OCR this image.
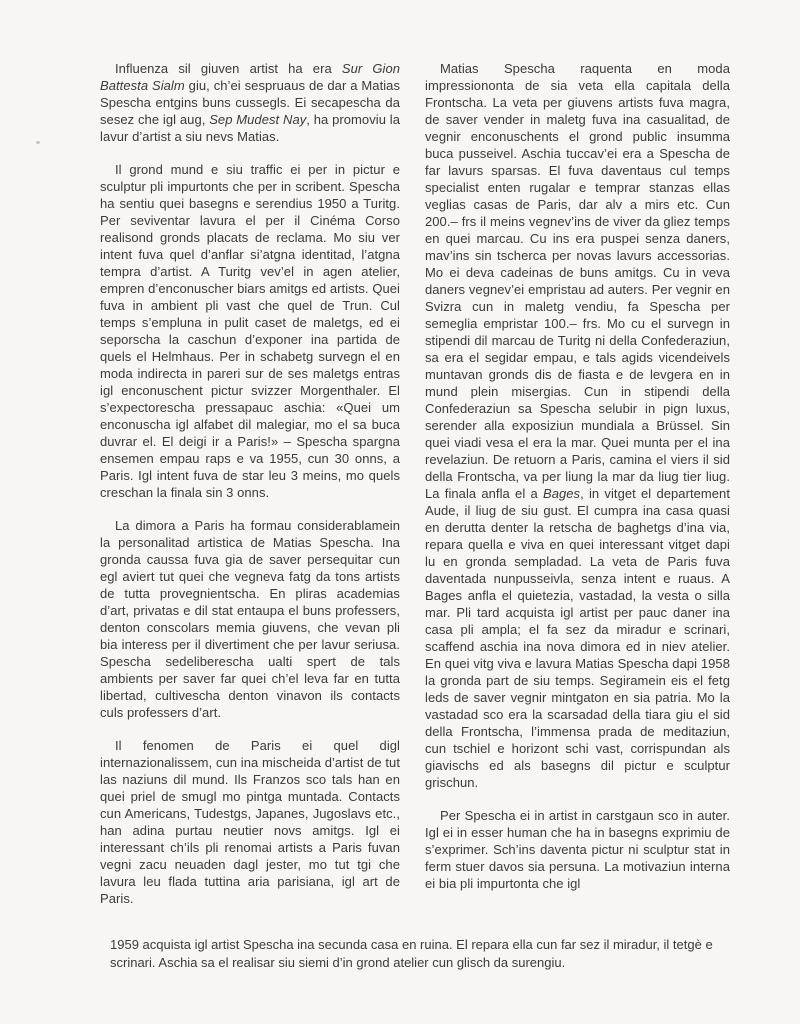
Influenza sil giuven artist ha era Sur Gion Battesta Sialm giu, ch’ei sespruaus de dar a Matias Spescha entgins buns cussegls. Ei secapescha da sesez che igl aug, Sep Mudest Nay, ha promoviu la lavur d’artist a siu nevs Matias.

Il grond mund e siu traffic ei per in pictur e sculptur pli impurtonts che per in scribent. Spescha ha sentiu quei basegns e serendius 1950 a Turitg. Per seviventar lavura el per il Cinéma Corso realisond gronds placats de reclama. Mo siu ver intent fuva quel d’anflar si’atgna identitad, l’atgna tempra d’artist. A Turitg vev’el in agen atelier, empren d’enconuscher biars amitgs ed artists. Quei fuva in ambient pli vast che quel de Trun. Cul temps s’empluna in pulit caset de maletgs, ed ei seporscha la caschun d’exponer ina partida de quels el Helmhaus. Per in schabetg survegn el en moda indirecta in pareri sur de ses maletgs entras igl enconuschent pictur svizzer Morgenthaler. El s’expectorescha pressapauc aschia: «Quei um enconuscha igl alfabet dil malegiar, mo el sa buca duvrar el. El deigi ir a Paris!» – Spescha spargna ensemen empau raps e va 1955, cun 30 onns, a Paris. Igl intent fuva de star leu 3 meins, mo quels creschan la finala sin 3 onns.

La dimora a Paris ha formau considerablamein la personalitad artistica de Matias Spescha. Ina gronda caussa fuva gia de saver persequitar cun egl aviert tut quei che vegneva fatg da tons artists de tutta provegnientscha. En pliras academias d’art, privatas e dil stat entaupa el buns professers, denton conscolars memia giuvens, che vevan pli bia interess per il divertiment che per lavur seriusa. Spescha sedeliberescha ualti spert de tals ambients per saver far quei ch’el leva far en tutta libertad, cultivescha denton vinavon ils contacts culs professers d’art.

Il fenomen de Paris ei quel digl internazionalissem, cun ina mischeida d’artist de tut las naziuns dil mund. Ils Franzos sco tals han en quei priel de smugl mo pintga muntada. Contacts cun Americans, Tudestgs, Japanes, Jugoslavs etc., han adina purtau neutier novs amitgs. Igl ei interessant ch’ils pli renomai artists a Paris fuvan vegni zacu neuaden dagl jester, mo tut tgi che lavura leu flada tuttina aria parisiana, igl art de Paris.

Matias Spescha raquenta en moda impressiononta de sia veta ella capitala della Frontscha. La veta per giuvens artists fuva magra, de saver vender in maletg fuva ina casualitad, de vegnir enconuschents el grond public insumma buca pusseivel. Aschia tuccav’ei era a Spescha de far lavurs sparsas. El fuva daventaus cul temps specialist enten rugalar e temprar stanzas ellas veglias casas de Paris, dar alv a mirs etc. Cun 200.– frs il meins vegnev’ins de viver da gliez temps en quei marcau. Cu ins era puspei senza daners, mav’ins sin tscherca per novas lavurs accessorias. Mo ei deva cadeinas de buns amitgs. Cu in veva daners vegnev’ei empristau ad auters. Per vegnir en Svizra cun in maletg vendiu, fa Spescha per semeglia empristar 100.– frs. Mo cu el survegn in stipendi dil marcau de Turitg ni della Confederaziun, sa era el segidar empau, e tals agids vicendeivels muntavan gronds dis de fiasta e de levgera en in mund plein misergias. Cun in stipendi della Confederaziun sa Spescha selubir in pign luxus, serender alla exposiziun mundiala a Brüssel. Sin quei viadi vesa el era la mar. Quei munta per el ina revelaziun. De retuorn a Paris, camina el viers il sid della Frontscha, va per liung la mar da liug tier liug. La finala anfla el a Bages, in vitget el departement Aude, il liug de siu gust. El cumpra ina casa quasi en derutta denter la retscha de baghetgs d’ina via, repara quella e viva en quei interessant vitget dapi lu en gronda sempladad. La veta de Paris fuva daventada nunpusseivla, senza intent e ruaus. A Bages anfla el quietezia, vastadad, la vesta o silla mar. Pli tard acquista igl artist per pauc daner ina casa pli ampla; el fa sez da miradur e scrinari, scaffend aschia ina nova dimora ed in niev atelier. En quei vitg viva e lavura Matias Spescha dapi 1958 la gronda part de siu temps. Segiramein eis el fetg leds de saver vegnir mintgaton en sia patria. Mo la vastadad sco era la scarsadad della tiara giu el sid della Frontscha, l’immensa prada de meditaziun, cun tschiel e horizont schi vast, corrispundan als giavischs ed als basegns dil pictur e sculptur grischun.

Per Spescha ei in artist in carstgaun sco in auter. Igl ei in esser human che ha in basegns exprimiu de s’exprimer. Sch’ins daventa pictur ni sculptur stat in ferm stuer davos sia persuna. La motivaziun interna ei bia pli impurtonta che igl

1959 acquista igl artist Spescha ina secunda casa en ruina. El repara ella cun far sez il miradur, il tetgè e scrinari. Aschia sa el realisar siu siemi d’in grond atelier cun glisch da surengiu.
